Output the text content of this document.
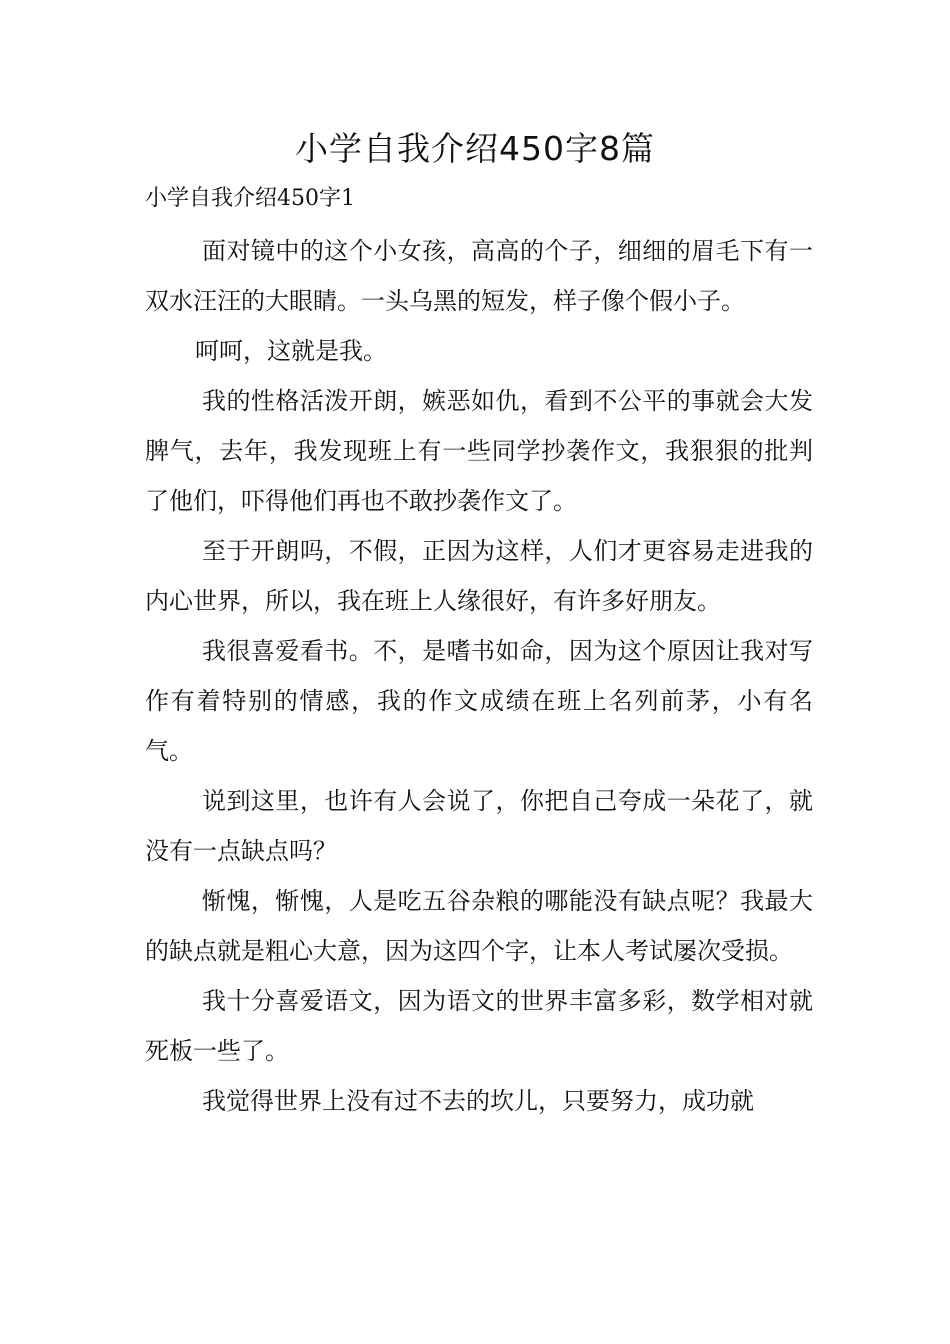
小学自我介绍450字8篇
小学自我介绍450字1

面对镜中的这个小女孩，高高的个子，细细的眉毛下有一双水汪汪的大眼睛。一头乌黑的短发，样子像个假小子。

呵呵，这就是我。

我的性格活泼开朗，嫉恶如仇，看到不公平的事就会大发脾气，去年，我发现班上有一些同学抄袭作文，我狠狠的批判了他们，吓得他们再也不敢抄袭作文了。

至于开朗吗，不假，正因为这样，人们才更容易走进我的内心世界，所以，我在班上人缘很好，有许多好朋友。

我很喜爱看书。不，是嗜书如命，因为这个原因让我对写作有着特别的情感，我的作文成绩在班上名列前茅，小有名气。

说到这里，也许有人会说了，你把自己夸成一朵花了，就没有一点缺点吗？

惭愧，惭愧，人是吃五谷杂粮的哪能没有缺点呢？我最大的缺点就是粗心大意，因为这四个字，让本人考试屡次受损。

我十分喜爱语文，因为语文的世界丰富多彩，数学相对就死板一些了。

我觉得世界上没有过不去的坎儿，只要努力，成功就
